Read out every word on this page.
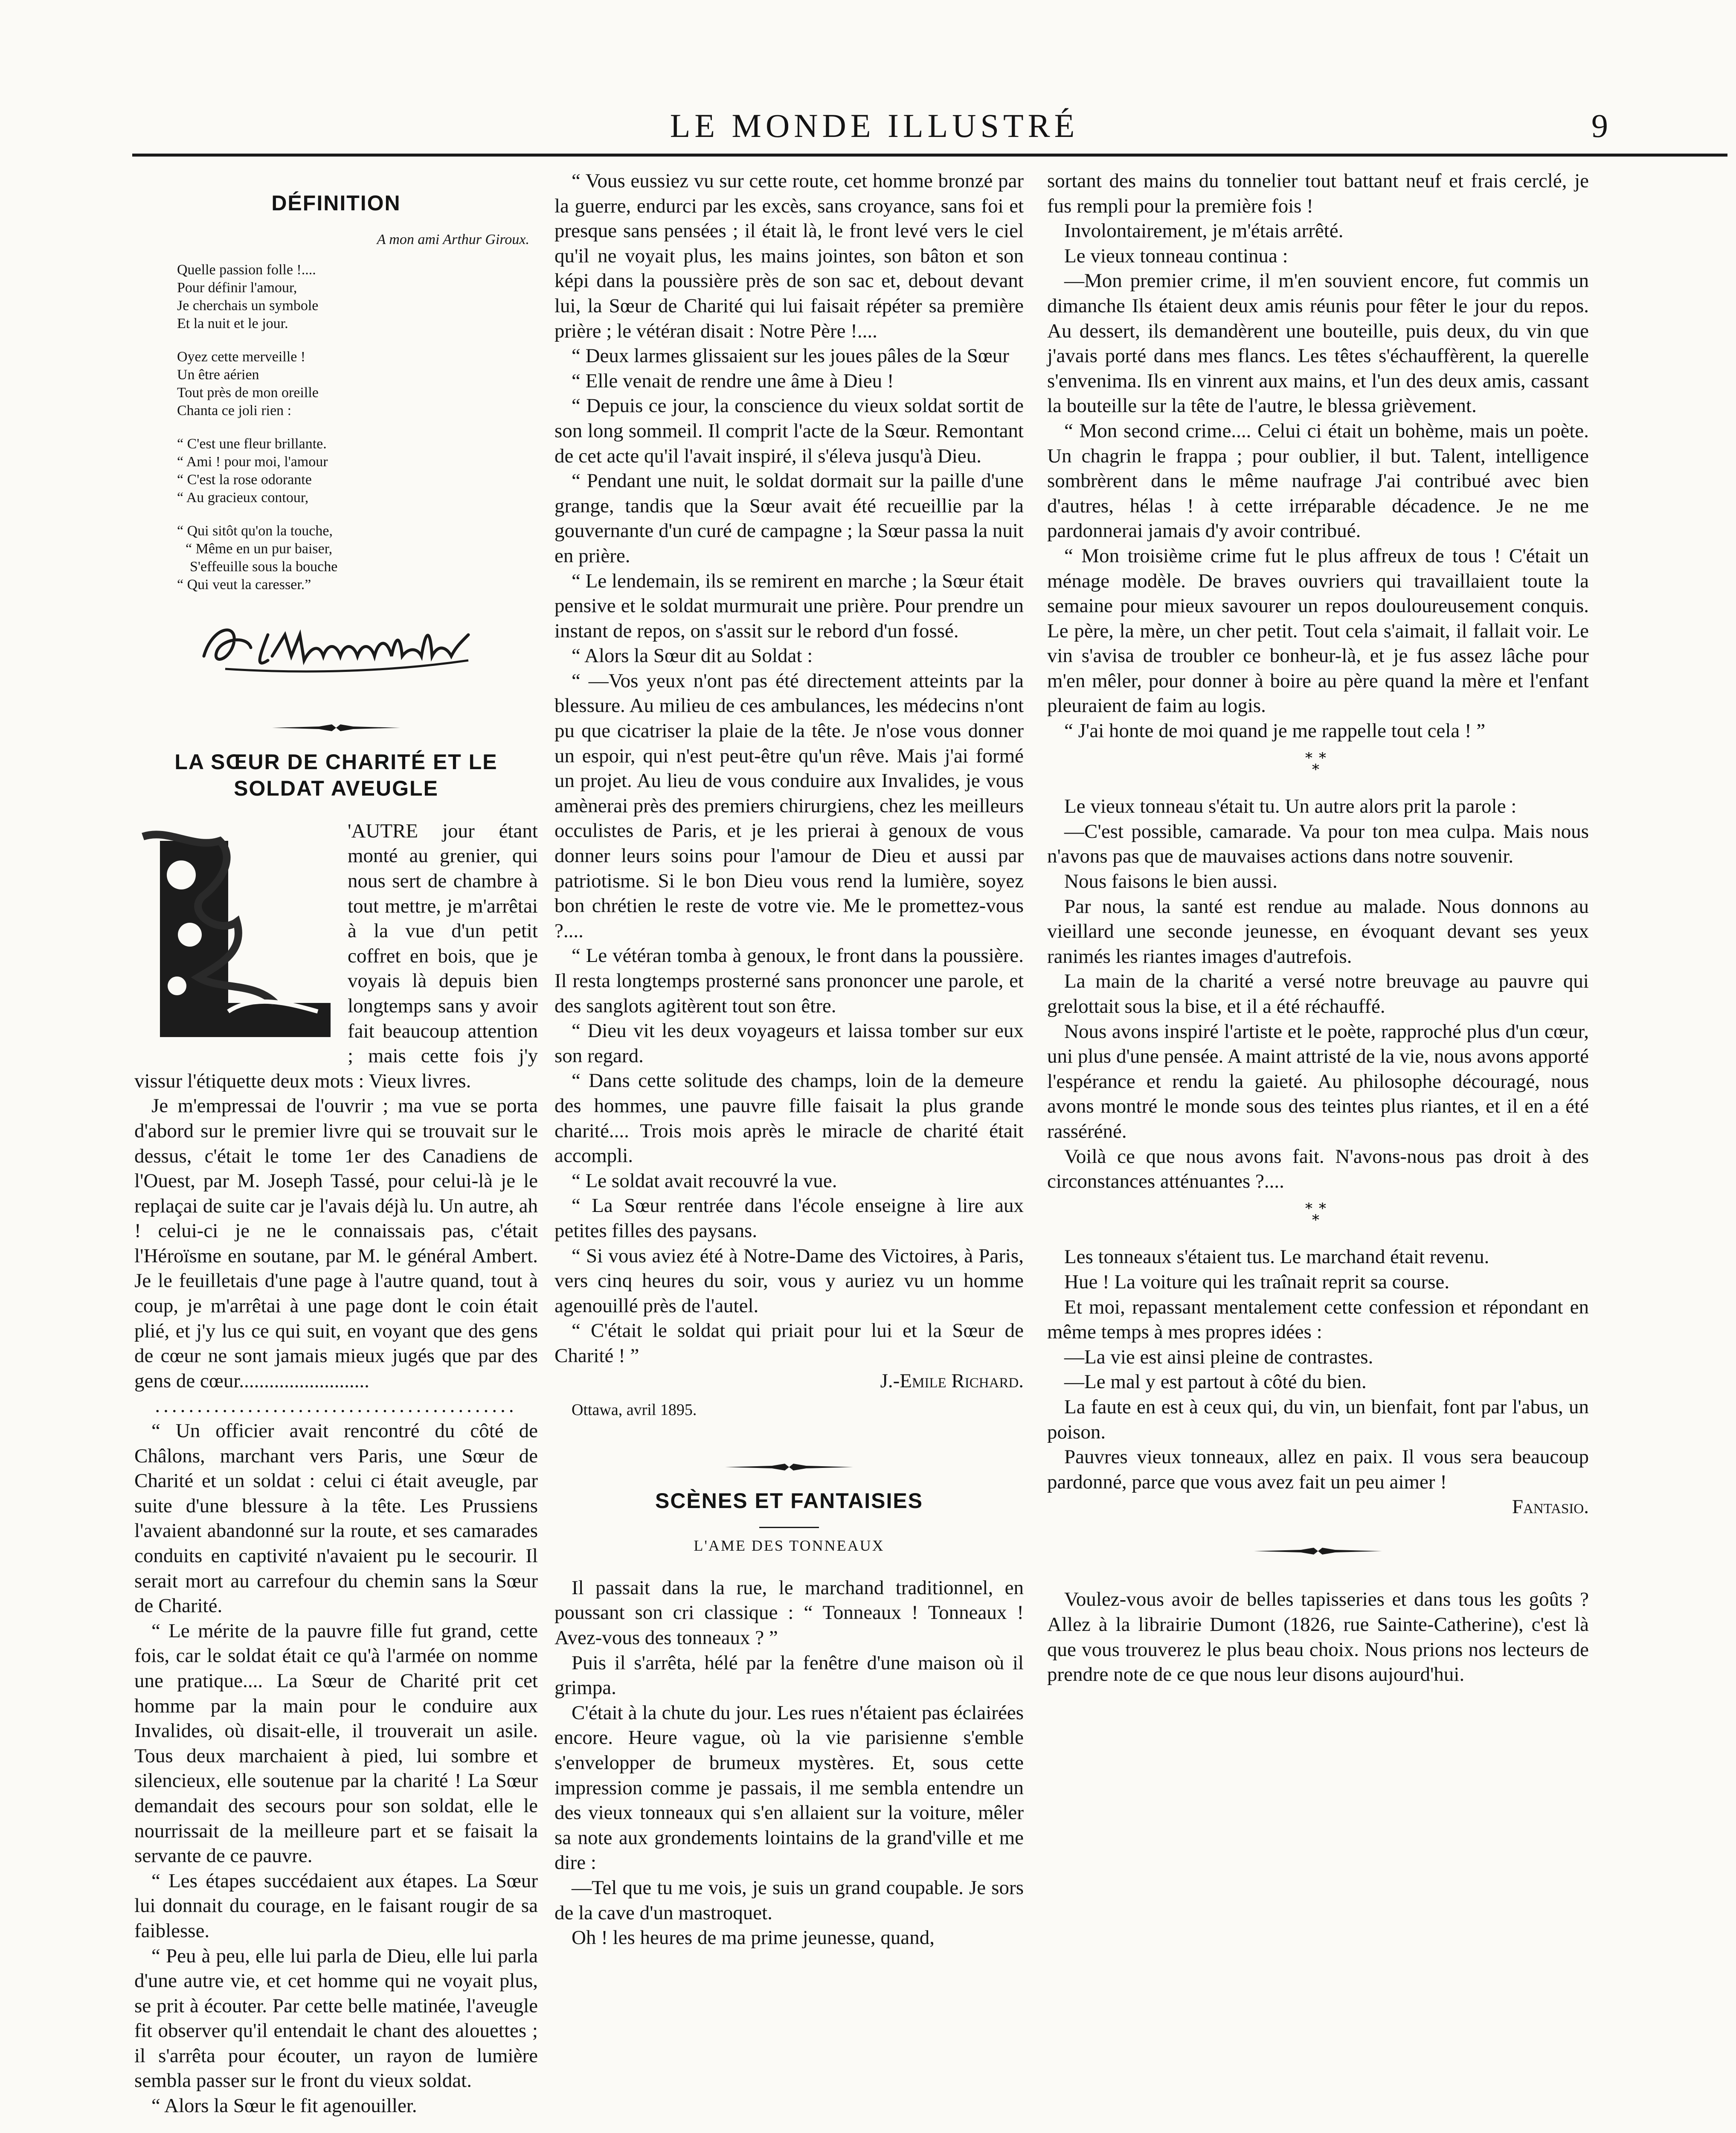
LE MONDE ILLUSTRÉ	9
DÉFINITION
A mon ami Arthur Giroux.
Quelle passion folle !....
Pour définir l'amour,
Je cherchais un symbole
Et la nuit et le jour.
Oyez cette merveille !
Un être aérien
Tout près de mon oreille
Chanta ce joli rien :
“ C'est une fleur brillante.
“ Ami ! pour moi, l'amour
“ C'est la rose odorante
“ Au gracieux contour,
“ Qui sitôt qu'on la touche,
“ Même en un pur baiser,
S'effeuille sous la bouche
“ Qui veut la caresser.”
LA SŒUR DE CHARITÉ ET LE SOLDAT AVEUGLE

'AUTRE jour étant monté au grenier, qui nous sert de chambre à tout mettre, je m'arrêtai à la vue d'un petit coffret en bois, que je voyais là depuis bien longtemps sans y avoir fait beaucoup attention ; mais cette fois j'y vissur l'étiquette deux mots : Vieux livres.

Je m'empressai de l'ouvrir ; ma vue se porta d'abord sur le premier livre qui se trouvait sur le dessus, c'était le tome 1er des Canadiens de l'Ouest, par M. Joseph Tassé, pour celui-là je le replaçai de suite car je l'avais déjà lu. Un autre, ah ! celui-ci je ne le connaissais pas, c'était l'Héroïsme en soutane, par M. le général Ambert. Je le feuilletais d'une page à l'autre quand, tout à coup, je m'arrêtai à une page dont le coin était plié, et j'y lus ce qui suit, en voyant que des gens de cœur ne sont jamais mieux jugés que par des gens de cœur..........................

...........................................

“ Un officier avait rencontré du côté de Châlons, marchant vers Paris, une Sœur de Charité et un soldat : celui ci était aveugle, par suite d'une blessure à la tête. Les Prussiens l'avaient abandonné sur la route, et ses camarades conduits en captivité n'avaient pu le secourir. Il serait mort au carrefour du chemin sans la Sœur de Charité.

“ Le mérite de la pauvre fille fut grand, cette fois, car le soldat était ce qu'à l'armée on nomme une pratique.... La Sœur de Charité prit cet homme par la main pour le conduire aux Invalides, où disait-elle, il trouverait un asile. Tous deux marchaient à pied, lui sombre et silencieux, elle soutenue par la charité ! La Sœur demandait des secours pour son soldat, elle le nourrissait de la meilleure part et se faisait la servante de ce pauvre.

“ Les étapes succédaient aux étapes. La Sœur lui donnait du courage, en le faisant rougir de sa faiblesse.

“ Peu à peu, elle lui parla de Dieu, elle lui parla d'une autre vie, et cet homme qui ne voyait plus, se prit à écouter. Par cette belle matinée, l'aveugle fit observer qu'il entendait le chant des alouettes ; il s'arrêta pour écouter, un rayon de lumière sembla passer sur le front du vieux soldat.

“ Alors la Sœur le fit agenouiller.

“ Vous eussiez vu sur cette route, cet homme bronzé par la guerre, endurci par les excès, sans croyance, sans foi et presque sans pensées ; il était là, le front levé vers le ciel qu'il ne voyait plus, les mains jointes, son bâton et son képi dans la poussière près de son sac et, debout devant lui, la Sœur de Charité qui lui faisait répéter sa première prière ; le vétéran disait : Notre Père !....

“ Deux larmes glissaient sur les joues pâles de la Sœur

“ Elle venait de rendre une âme à Dieu !

“ Depuis ce jour, la conscience du vieux soldat sortit de son long sommeil. Il comprit l'acte de la Sœur. Remontant de cet acte qu'il l'avait inspiré, il s'éleva jusqu'à Dieu.

“ Pendant une nuit, le soldat dormait sur la paille d'une grange, tandis que la Sœur avait été recueillie par la gouvernante d'un curé de campagne ; la Sœur passa la nuit en prière.

“ Le lendemain, ils se remirent en marche ; la Sœur était pensive et le soldat murmurait une prière. Pour prendre un instant de repos, on s'assit sur le rebord d'un fossé.

“ Alors la Sœur dit au Soldat :

“ —Vos yeux n'ont pas été directement atteints par la blessure. Au milieu de ces ambulances, les médecins n'ont pu que cicatriser la plaie de la tête. Je n'ose vous donner un espoir, qui n'est peut-être qu'un rêve. Mais j'ai formé un projet. Au lieu de vous conduire aux Invalides, je vous amènerai près des premiers chirurgiens, chez les meilleurs occulistes de Paris, et je les prierai à genoux de vous donner leurs soins pour l'amour de Dieu et aussi par patriotisme. Si le bon Dieu vous rend la lumière, soyez bon chrétien le reste de votre vie. Me le promettez-vous ?....

“ Le vétéran tomba à genoux, le front dans la poussière. Il resta longtemps prosterné sans prononcer une parole, et des sanglots agitèrent tout son être.

“ Dieu vit les deux voyageurs et laissa tomber sur eux son regard.

“ Dans cette solitude des champs, loin de la demeure des hommes, une pauvre fille faisait la plus grande charité.... Trois mois après le miracle de charité était accompli.

“ Le soldat avait recouvré la vue.

“ La Sœur rentrée dans l'école enseigne à lire aux petites filles des paysans.

“ Si vous aviez été à Notre-Dame des Victoires, à Paris, vers cinq heures du soir, vous y auriez vu un homme agenouillé près de l'autel.

“ C'était le soldat qui priait pour lui et la Sœur de Charité ! ”

J.-Emile Richard.

Ottawa, avril 1895.
SCÈNES ET FANTAISIES
L'AME DES TONNEAUX

Il passait dans la rue, le marchand traditionnel, en poussant son cri classique : “ Tonneaux ! Tonneaux ! Avez-vous des tonneaux ? ”

Puis il s'arrêta, hélé par la fenêtre d'une maison où il grimpa.

C'était à la chute du jour. Les rues n'étaient pas éclairées encore. Heure vague, où la vie parisienne s'emble s'envelopper de brumeux mystères. Et, sous cette impression comme je passais, il me sembla entendre un des vieux tonneaux qui s'en allaient sur la voiture, mêler sa note aux grondements lointains de la grand'ville et me dire :

—Tel que tu me vois, je suis un grand coupable. Je sors de la cave d'un mastroquet.

Oh ! les heures de ma prime jeunesse, quand,

sortant des mains du tonnelier tout battant neuf et frais cerclé, je fus rempli pour la première fois !

Involontairement, je m'étais arrêté.

Le vieux tonneau continua :

—Mon premier crime, il m'en souvient encore, fut commis un dimanche Ils étaient deux amis réunis pour fêter le jour du repos. Au dessert, ils demandèrent une bouteille, puis deux, du vin que j'avais porté dans mes flancs. Les têtes s'échauffèrent, la querelle s'envenima. Ils en vinrent aux mains, et l'un des deux amis, cassant la bouteille sur la tête de l'autre, le blessa grièvement.

“ Mon second crime.... Celui ci était un bohème, mais un poète. Un chagrin le frappa ; pour oublier, il but. Talent, intelligence sombrèrent dans le même naufrage J'ai contribué avec bien d'autres, hélas ! à cette irréparable décadence. Je ne me pardonnerai jamais d'y avoir contribué.

“ Mon troisième crime fut le plus affreux de tous ! C'était un ménage modèle. De braves ouvriers qui travaillaient toute la semaine pour mieux savourer un repos douloureusement conquis. Le père, la mère, un cher petit. Tout cela s'aimait, il fallait voir. Le vin s'avisa de troubler ce bonheur-là, et je fus assez lâche pour m'en mêler, pour donner à boire au père quand la mère et l'enfant pleuraient de faim au logis.

“ J'ai honte de moi quand je me rappelle tout cela ! ”

* *
*

Le vieux tonneau s'était tu. Un autre alors prit la parole :

—C'est possible, camarade. Va pour ton mea culpa. Mais nous n'avons pas que de mauvaises actions dans notre souvenir.

Nous faisons le bien aussi.

Par nous, la santé est rendue au malade. Nous donnons au vieillard une seconde jeunesse, en évoquant devant ses yeux ranimés les riantes images d'autrefois.

La main de la charité a versé notre breuvage au pauvre qui grelottait sous la bise, et il a été réchauffé.

Nous avons inspiré l'artiste et le poète, rapproché plus d'un cœur, uni plus d'une pensée. A maint attristé de la vie, nous avons apporté l'espérance et rendu la gaieté. Au philosophe découragé, nous avons montré le monde sous des teintes plus riantes, et il en a été rasséréné.

Voilà ce que nous avons fait. N'avons-nous pas droit à des circonstances atténuantes ?....

* *
*

Les tonneaux s'étaient tus. Le marchand était revenu.

Hue ! La voiture qui les traînait reprit sa course.

Et moi, repassant mentalement cette confession et répondant en même temps à mes propres idées :

—La vie est ainsi pleine de contrastes.

—Le mal y est partout à côté du bien.

La faute en est à ceux qui, du vin, un bienfait, font par l'abus, un poison.

Pauvres vieux tonneaux, allez en paix. Il vous sera beaucoup pardonné, parce que vous avez fait un peu aimer !

Fantasio.

Voulez-vous avoir de belles tapisseries et dans tous les goûts ? Allez à la librairie Dumont (1826, rue Sainte-Catherine), c'est là que vous trouverez le plus beau choix. Nous prions nos lecteurs de prendre note de ce que nous leur disons aujourd'hui.
